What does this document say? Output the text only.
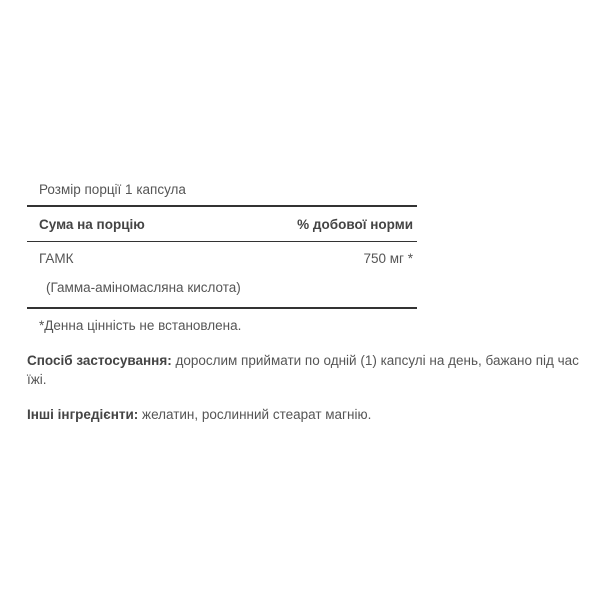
Розмір порції 1 капсула
Сума на порцію	% добової норми
ГАМК	750 мг *
(Гамма-аміномасляна кислота)
*Денна цінність не встановлена.
Спосіб застосування: дорослим приймати по одній (1) капсулі на день, бажано під час їжі.
Інші інгредієнти: желатин, рослинний стеарат магнію.
